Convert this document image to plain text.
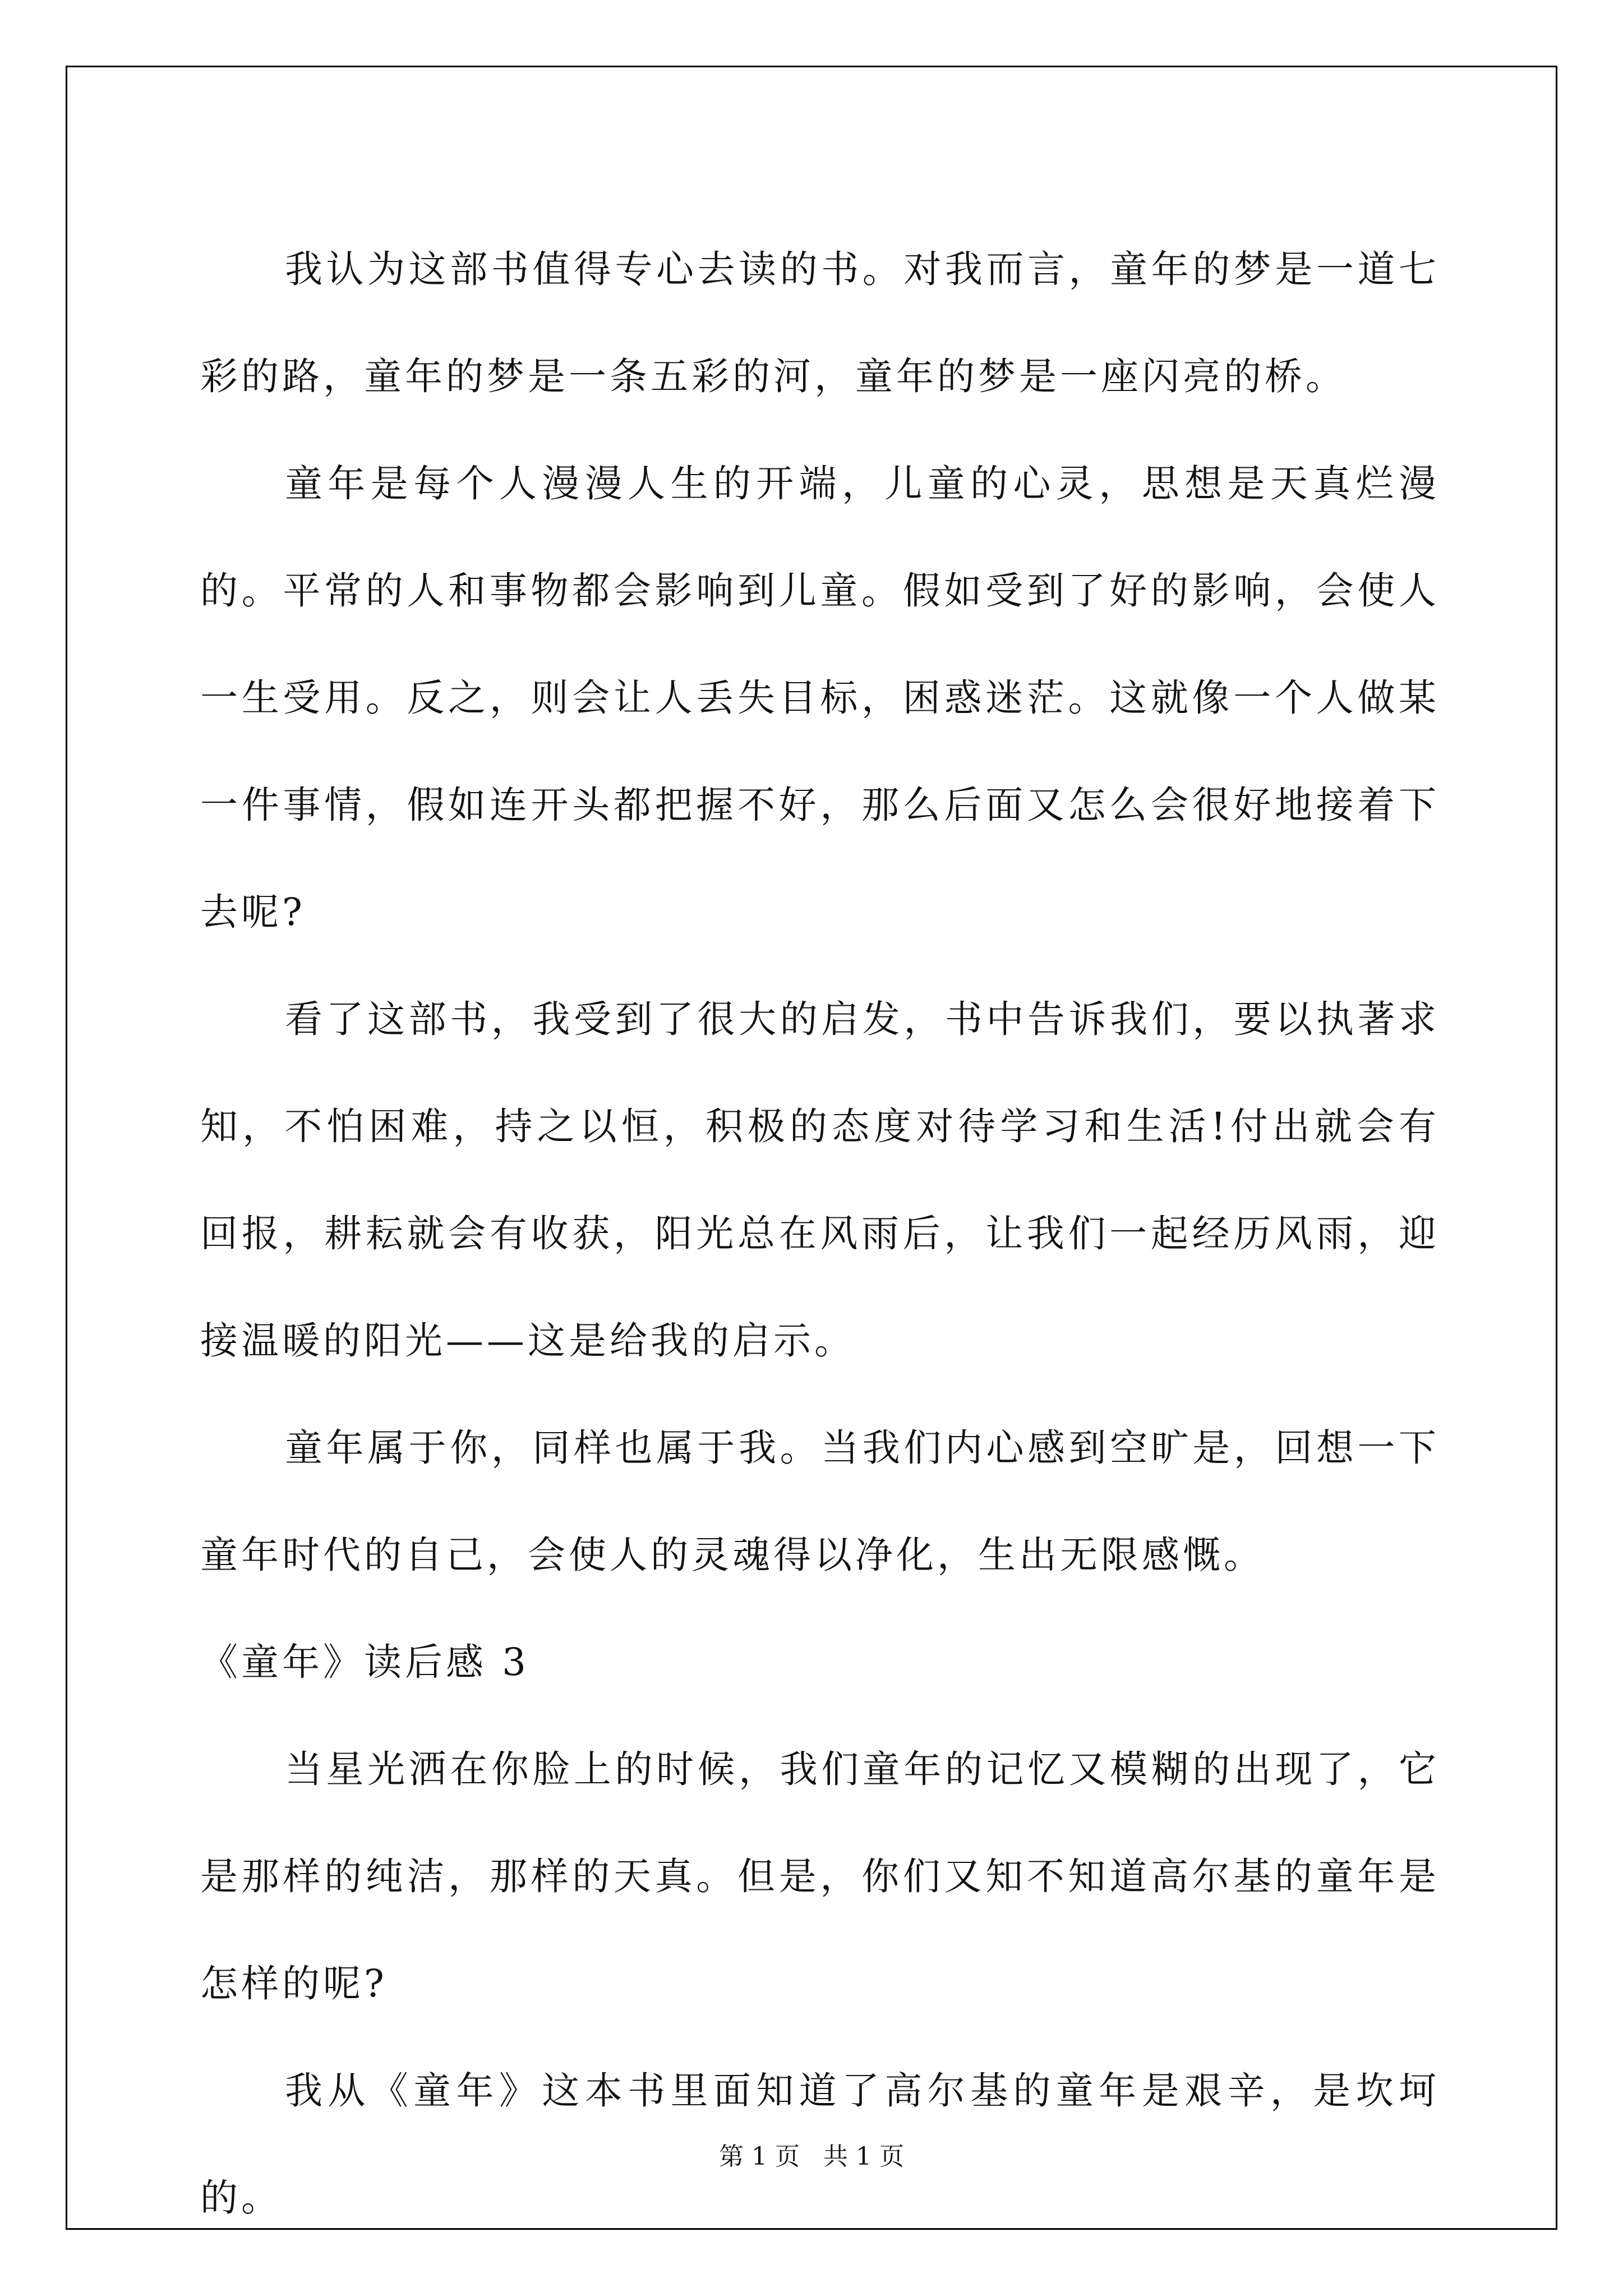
我认为这部书值得专心去读的书。对我而言，童年的梦是一道七彩的路，童年的梦是一条五彩的河，童年的梦是一座闪亮的桥。

童年是每个人漫漫人生的开端，儿童的心灵，思想是天真烂漫的。平常的人和事物都会影响到儿童。假如受到了好的影响，会使人一生受用。反之，则会让人丢失目标，困惑迷茫。这就像一个人做某一件事情，假如连开头都把握不好，那么后面又怎么会很好地接着下去呢?

看了这部书，我受到了很大的启发，书中告诉我们，要以执著求知，不怕困难，持之以恒，积极的态度对待学习和生活!付出就会有回报，耕耘就会有收获，阳光总在风雨后，让我们一起经历风雨，迎接温暖的阳光——这是给我的启示。

童年属于你，同样也属于我。当我们内心感到空旷是，回想一下童年时代的自己，会使人的灵魂得以净化，生出无限感慨。

《童年》读后感 3

当星光洒在你脸上的时候，我们童年的记忆又模糊的出现了，它是那样的纯洁，那样的天真。但是，你们又知不知道高尔基的童年是怎样的呢?

我从《童年》这本书里面知道了高尔基的童年是艰辛，是坎坷的。

第 1 页 共 1 页
